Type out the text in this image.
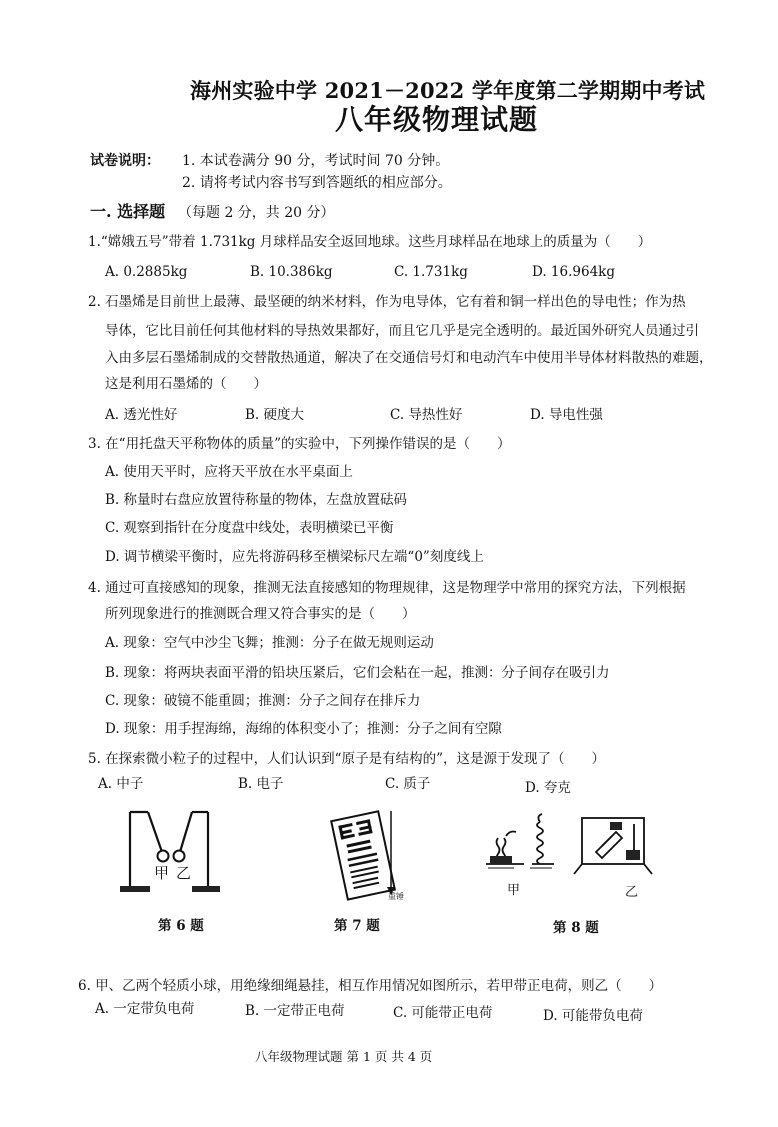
海州实验中学 2021－2022 学年度第二学期期中考试
八年级物理试题
试卷说明： 1. 本试卷满分 90 分，考试时间 70 分钟。
2. 请将考试内容书写到答题纸的相应部分。
一. 选择题 （每题 2 分，共 20 分）
1.“嫦娥五号”带着 1.731kg 月球样品安全返回地球。这些月球样品在地球上的质量为（　　）
A. 0.2885kg	B. 10.386kg	C. 1.731kg	D. 16.964kg
2. 石墨烯是目前世上最薄、最坚硬的纳米材料，作为电导体，它有着和铜一样出色的导电性；作为热
导体，它比目前任何其他材料的导热效果都好，而且它几乎是完全透明的。最近国外研究人员通过引
入由多层石墨烯制成的交替散热通道，解决了在交通信号灯和电动汽车中使用半导体材料散热的难题，
这是利用石墨烯的（　　）
A. 透光性好	B. 硬度大	C. 导热性好	D. 导电性强
3. 在“用托盘天平称物体的质量”的实验中，下列操作错误的是（　　）
A. 使用天平时，应将天平放在水平桌面上
B. 称量时右盘应放置待称量的物体，左盘放置砝码
C. 观察到指针在分度盘中线处，表明横梁已平衡
D. 调节横梁平衡时，应先将游码移至横梁标尺左端“0”刻度线上
4. 通过可直接感知的现象，推测无法直接感知的物理规律，这是物理学中常用的探究方法，下列根据
所列现象进行的推测既合理又符合事实的是（　　）
A. 现象：空气中沙尘飞舞；推测：分子在做无规则运动
B. 现象：将两块表面平滑的铅块压紧后，它们会粘在一起，推测：分子间存在吸引力
C. 现象：破镜不能重圆；推测：分子之间存在排斥力
D. 现象：用手捏海绵，海绵的体积变小了；推测：分子之间有空隙
5. 在探索微小粒子的过程中，人们认识到“原子是有结构的”，这是源于发现了（　　）
A. 中子	B. 电子	C. 质子	D. 夸克
甲 乙
第 6 题
重锤
第 7 题
甲	乙
第 8 题
6. 甲、乙两个轻质小球，用绝缘细绳悬挂，相互作用情况如图所示，若甲带正电荷，则乙（　　）
A. 一定带负电荷	B. 一定带正电荷	C. 可能带正电荷	D. 可能带负电荷
八年级物理试题 第 1 页 共 4 页
